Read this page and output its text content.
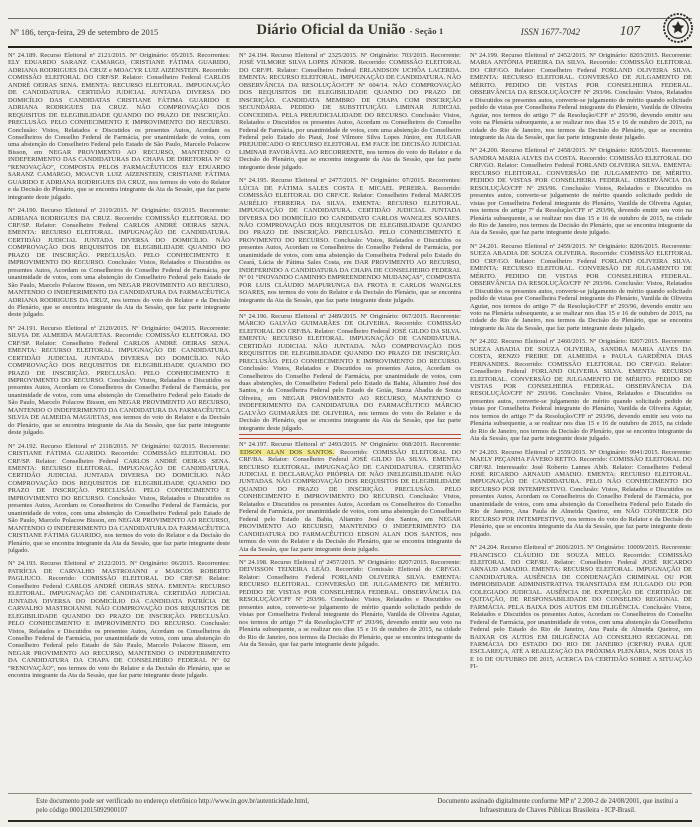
Nº 186, terça-feira, 29 de setembro de 2015	Diário Oficial da União - Seção 1	ISSN 1677-7042	107

Nº 24.189. Recurso Eleitoral nº 2121/2015. Nº Originário: 05/2015. Recorrentes: ELY EDUARDO SARANZ CAMARGO, CRISTIANE FÁTIMA GUARIDO, ADRIANA RODRIGUES DA CRUZ e MOACYR LUIZ AIZENSTEIN. Recorrido: COMISSÃO ELEITORAL DO CRF/SP. Relator: Conselheiro Federal CARLOS ANDRÉ OEIRAS SENA. EMENTA: RECURSO ELEITORAL. IMPUGNAÇÃO DE CANDIDATURA. CERTIDÃO JUDICIAL JUNTADA DIVERSA DO DOMICÍLIO DAS CANDIDATAS CRISTIANE FÁTIMA GUARIDO E ADRIANA RODRIGUES DA CRUZ. NÃO COMPROVAÇÃO DOS REQUISITOS DE ELEGIBILIDADE QUANDO DO PRAZO DE INSCRIÇÃO. PRECLUSÃO. PELO CONHECIMENTO E IMPROVIMENTO DO RECURSO. Conclusão: Vistos, Relatados e Discutidos os presentes Autos, Acordam os Conselheiros do Conselho Federal de Farmácia, por unanimidade de votos, com uma abstenção do Conselheiro Federal pelo Estado de São Paulo, Marcelo Polacow Bisson, em NEGAR PROVIMENTO AO RECURSO, MANTENDO O INDEFERIMENTO DAS CANDIDATURAS DA CHAPA DE DIRETORIA Nº 02 “RENOVAÇÃO”, COMPOSTA PELOS FARMACÊUTICOS ELY EDUARDO SARANZ CAMARGO, MOACYR LUIZ AIZENSTEIN, CRISTIANE FÁTIMA GUARIDO E ADRIANA RODRIGUES DA CRUZ, nos termos do voto do Relator e da Decisão do Plenário, que se encontra integrante da Ata da Sessão, que faz parte integrante deste julgado.

Nº 24.190. Recurso Eleitoral nº 2119/2015. Nº Originário: 03/2015. Recorrente: ADRIANA RODRIGUES DA CRUZ. Recorrido: COMISSÃO ELEITORAL DO CRF/SP. Relator: Conselheiro Federal CARLOS ANDRÉ OEIRAS SENA. EMENTA: RECURSO ELEITORAL. IMPUGNAÇÃO DE CANDIDATURA. CERTIDÃO JUDICIAL JUNTADA DIVERSA DO DOMICÍLIO. NÃO COMPROVAÇÃO DOS REQUISITOS DE ELEGIBILIDADE QUANDO DO PRAZO DE INSCRIÇÃO. PRECLUSÃO. PELO CONHECIMENTO E IMPROVIMENTO DO RECURSO. Conclusão: Vistos, Relatados e Discutidos os presentes Autos, Acordam os Conselheiros do Conselho Federal de Farmácia, por unanimidade de votos, com uma abstenção do Conselheiro Federal pelo Estado de São Paulo, Marcelo Polacow Bisson, em NEGAR PROVIMENTO AO RECURSO, MANTENDO O INDEFERIMENTO DA CANDIDATURA DA FARMACÊUTICA ADRIANA RODRIGUES DA CRUZ, nos termos do voto do Relator e da Decisão do Plenário, que se encontra integrante da Ata da Sessão, que faz parte integrante deste julgado.

Nº 24.191. Recurso Eleitoral nº 2120/2015. Nº Originário: 04/2015. Recorrente: SILVIA DE ALMEIDA MAGUETAS. Recorrido: COMISSÃO ELEITORAL DO CRF/SP. Relator: Conselheiro Federal CARLOS ANDRÉ OEIRAS SENA. EMENTA: RECURSO ELEITORAL. IMPUGNAÇÃO DE CANDIDATURA. CERTIDÃO JUDICIAL JUNTADA DIVERSA DO DOMICÍLIO. NÃO COMPROVAÇÃO DOS REQUISITOS DE ELEGIBILIDADE QUANDO DO PRAZO DE INSCRIÇÃO. PRECLUSÃO. PELO CONHECIMENTO E IMPROVIMENTO DO RECURSO. Conclusão: Vistos, Relatados e Discutidos os presentes Autos, Acordam os Conselheiros do Conselho Federal de Farmácia, por unanimidade de votos, com uma abstenção do Conselheiro Federal pelo Estado de São Paulo, Marcelo Polacow Bisson, em NEGAR PROVIMENTO AO RECURSO, MANTENDO O INDEFERIMENTO DA CANDIDATURA DA FARMACÊUTICA SILVIA DE ALMEIDA MAGUETAS, nos termos do voto do Relator e da Decisão do Plenário, que se encontra integrante da Ata da Sessão, que faz parte integrante deste julgado.

Nº 24.192. Recurso Eleitoral nº 2118/2015. Nº Originário: 02/2015. Recorrente: CRISTIANE FÁTIMA GUARIDO. Recorrido: COMISSÃO ELEITORAL DO CRF/SP. Relator: Conselheiro Federal CARLOS ANDRÉ OEIRAS SENA. EMENTA: RECURSO ELEITORAL. IMPUGNAÇÃO DE CANDIDATURA. CERTIDÃO JUDICIAL JUNTADA DIVERSA DO DOMICÍLIO. NÃO COMPROVAÇÃO DOS REQUISITOS DE ELEGIBILIDADE QUANDO DO PRAZO DE INSCRIÇÃO. PRECLUSÃO. PELO CONHECIMENTO E IMPROVIMENTO DO RECURSO. Conclusão: Vistos, Relatados e Discutidos os presentes Autos, Acordam os Conselheiros do Conselho Federal de Farmácia, por unanimidade de votos, com uma abstenção do Conselheiro Federal pelo Estado de São Paulo, Marcelo Polacow Bisson, em NEGAR PROVIMENTO AO RECURSO, MANTENDO O INDEFERIMENTO DA CANDIDATURA DA FARMACÊUTICA CRISTIANE FÁTIMA GUARIDO, nos termos do voto do Relator e da Decisão do Plenário, que se encontra integrante da Ata da Sessão, que faz parte integrante deste julgado.

Nº 24.193. Recurso Eleitoral nº 2122/2015. Nº Originário: 06/2015. Recorrentes: PATRÍCIA DE CARVALHO MASTROIANNI e MARCOS ROBERTO PAGLIUCO. Recorrido: COMISSÃO ELEITORAL DO CRF/SP. Relator: Conselheiro Federal CARLOS ANDRÉ OEIRAS SENA. EMENTA: RECURSO ELEITORAL. IMPUGNAÇÃO DE CANDIDATURA. CERTIDÃO JUDICIAL JUNTADA DIVERSA DO DOMICÍLIO DA CANDIDATA PATRÍCIA DE CARVALHO MASTROIANNI. NÃO COMPROVAÇÃO DOS REQUISITOS DE ELEGIBILIDADE QUANDO DO PRAZO DE INSCRIÇÃO. PRECLUSÃO. PELO CONHECIMENTO E IMPROVIMENTO DO RECURSO. Conclusão: Vistos, Relatados e Discutidos os presentes Autos, Acordam os Conselheiros do Conselho Federal de Farmácia, por unanimidade de votos, com uma abstenção do Conselheiro Federal pelo Estado de São Paulo, Marcelo Polacow Bisson, em NEGAR PROVIMENTO AO RECURSO, MANTENDO O INDEFERIMENTO DA CANDIDATURA DA CHAPA DE CONSELHEIRO FEDERAL Nº 02 “RENOVAÇÃO”, nos termos do voto do Relator e da Decisão do Plenário, que se encontra integrante da Ata da Sessão, que faz parte integrante deste julgado.

Nº 24.194. Recurso Eleitoral nº 2325/2015. Nº Originário: 703/2015. Recorrente: JOSÉ VILMORE SILVA LOPES JÚNIOR. Recorrido: COMISSÃO ELEITORAL DO CRF/PI. Relator: Conselheiro Federal ERLANDSON UCHÔA LACERDA. EMENTA: RECURSO ELEITORAL. IMPUGNAÇÃO DE CANDIDATURA. NÃO OBSERVÂNCIA DA RESOLUÇÃO/CFF Nº 604/14. NÃO COMPROVAÇÃO DOS REQUISITOS DE ELEGIBILIDADE QUANDO DO PRAZO DE INSCRIÇÃO. CANDIDATA MEMBRO DE CHAPA COM INSCRIÇÃO SECUNDÁRIA. PEDIDO DE SUBSTITUIÇÃO. LIMINAR JUDICIAL CONCEDIDA. PELA PREJUDICIALIDADE DO RECURSO. Conclusão: Vistos, Relatados e Discutidos os presentes Autos, Acordam os Conselheiros do Conselho Federal de Farmácia, por unanimidade de votos, com uma abstenção do Conselheiro Federal pelo Estado do Piauí, José Vilmore Silva Lopes Júnior, em JULGAR PREJUDICADO O RECURSO ELEITORAL EM FACE DE DECISÃO JUDICIAL LIMINAR FAVORÁVEL AO RECORRENTE, nos termos do voto do Relator e da Decisão do Plenário, que se encontra integrante da Ata da Sessão, que faz parte integrante deste julgado.

Nº 24.195. Recurso Eleitoral nº 2477/2015. Nº Originário: 07/2015. Recorrentes: LÚCIA DE FÁTIMA SALES COSTA E MICAEL PEREIRA. Recorrido: COMISSÃO ELEITORAL DO CRF/CE. Relator: Conselheiro Federal MARCOS AURÉLIO FERREIRA DA SILVA. EMENTA: RECURSO ELEITORAL. IMPUGNAÇÃO DE CANDIDATURA. CERTIDÃO JUDICIAL JUNTADA DIVERSA DO DOMICÍLIO DO CANDIDATO CARLOS WANGLES SOARES. NÃO COMPROVAÇÃO DOS REQUISITOS DE ELEGIBILIDADE QUANDO DO PRAZO DE INSCRIÇÃO. PRECLUSÃO. PELO CONHECIMENTO E PROVIMENTO DO RECURSO. Conclusão: Vistos, Relatados e Discutidos os presentes Autos, Acordam os Conselheiros do Conselho Federal de Farmácia, por unanimidade de votos, com uma abstenção da Conselheira Federal pelo Estado do Ceará, Lúcia de Fátima Sales Costa, em DAR PROVIMENTO AO RECURSO, INDEFERINDO A CANDIDATURA DA CHAPA DE CONSELHEIRO FEDERAL Nº 01 “INOVANDO CAMINHO EMPREENDENDO MUDANÇAS”, COMPOSTA POR LUIS CLÁUDIO MAPURUNGA DA FROTA E CARLOS WANGLES SOARES, nos termos do voto do Relator e da Decisão do Plenário, que se encontra integrante da Ata da Sessão, que faz parte integrante deste julgado.

Nº 24.196. Recurso Eleitoral nº 2489/2015. Nº Originário: 067/2015. Recorrente: MÁRCIO GALVÃO GUIMARÃES DE OLIVEIRA. Recorrido: COMISSÃO ELEITORAL DO CRF/BA. Relator: Conselheiro Federal JOSÉ GILDO DA SILVA. EMENTA: RECURSO ELEITORAL. IMPUGNAÇÃO DE CANDIDATURA. CERTIDÃO JUDICIAL NÃO JUNTADA. NÃO COMPROVAÇÃO DOS REQUISITOS DE ELEGIBILIDADE QUANDO DO PRAZO DE INSCRIÇÃO. PRECLUSÃO. PELO CONHECIMENTO E IMPROVIMENTO DO RECURSO. Conclusão: Vistos, Relatados e Discutidos os presentes Autos, Acordam os Conselheiros do Conselho Federal de Farmácia, por unanimidade de votos, com duas abstenções, do Conselheiro Federal pelo Estado da Bahia, Altamiro José dos Santos, e da Conselheira Federal pelo Estado de Goiás, Sueza Abadia de Souza Oliveira, em NEGAR PROVIMENTO AO RECURSO, MANTENDO O INDEFERIMENTO DA CANDIDATURA DO FARMACÊUTICO MÁRCIO GALVÃO GUIMARÃES DE OLIVEIRA, nos termos do voto do Relator e da Decisão do Plenário, que se encontra integrante da Ata da Sessão, que faz parte integrante deste julgado.

Nº 24.197. Recurso Eleitoral nº 2493/2015. Nº Originário: 068/2015. Recorrente: EDSON ALAN DOS SANTOS. Recorrido: COMISSÃO ELEITORAL DO CRF/BA. Relator: Conselheiro Federal JOSÉ GILDO DA SILVA. EMENTA: RECURSO ELEITORAL. IMPUGNAÇÃO DE CANDIDATURA. CERTIDÃO JUDICIAL E DECLARAÇÃO PRÓPRIA DE NÃO INELEGIBILIDADE NÃO JUNTADAS. NÃO COMPROVAÇÃO DOS REQUISITOS DE ELEGIBILIDADE QUANDO DO PRAZO DE INSCRIÇÃO. PRECLUSÃO. PELO CONHECIMENTO E IMPROVIMENTO DO RECURSO. Conclusão: Vistos, Relatados e Discutidos os presentes Autos, Acordam os Conselheiros do Conselho Federal de Farmácia, por unanimidade de votos, com uma abstenção do Conselheiro Federal pelo Estado da Bahia, Altamiro José dos Santos, em NEGAR PROVIMENTO AO RECURSO, MANTENDO O INDEFERIMENTO DA CANDIDATURA DO FARMACÊUTICO EDSON ALAN DOS SANTOS, nos termos do voto do Relator e da Decisão do Plenário, que se encontra integrante da Ata da Sessão, que faz parte integrante deste julgado.

Nº 24.198. Recurso Eleitoral nº 2457/2015. Nº Originário: 8207/2015. Recorrente: DEIVISSON TEIXEIRA LEÃO. Recorrido: Comissão Eleitoral do CRF/GO. Relator: Conselheiro Federal FORLAND OLIVEIRA SILVA. EMENTA: RECURSO ELEITORAL. CONVERSÃO DE JULGAMENTO DE MÉRITO. PEDIDO DE VISTAS POR CONSELHEIRA FEDERAL. OBSERVÂNCIA DA RESOLUÇÃO/CFF Nº 293/96. Conclusão: Vistos, Relatados e Discutidos os presentes autos, converte-se julgamento de mérito quando solicitado pedido de vistas por Conselheira Federal integrante do Plenário, Vanilda de Oliveira Aguiar, nos termos do artigo 7º da Resolução/CFF nº 293/96, devendo emitir seu voto na Plenária subsequente, a se realizar nos dias 15 e 16 de outubro de 2015, na cidade do Rio de Janeiro, nos termos da Decisão do Plenário, que se encontra integrante da Ata da Sessão, que faz parte integrante deste julgado.

Nº 24.199. Recurso Eleitoral nº 2452/2015. Nº Originário: 8203/2015. Recorrente: MARIA ANTÔNIA PEREIRA DA SILVA. Recorrido: COMISSÃO ELEITORAL DO CRF/GO. Relator: Conselheiro Federal FORLAND OLIVEIRA SILVA. EMENTA: RECURSO ELEITORAL. CONVERSÃO DE JULGAMENTO DE MÉRITO. PEDIDO DE VISTAS POR CONSELHEIRA FEDERAL. OBSERVÂNCIA DA RESOLUÇÃO/CFF Nº 293/96. Conclusão: Vistos, Relatados e Discutidos os presentes autos, converte-se julgamento de mérito quando solicitado pedido de vistas por Conselheira Federal integrante do Plenário, Vanilda de Oliveira Aguiar, nos termos do artigo 7º da Resolução/CFF nº 293/96, devendo emitir seu voto na Plenária subsequente, a se realizar nos dias 15 e 16 de outubro de 2015, na cidade do Rio de Janeiro, nos termos da Decisão do Plenário, que se encontra integrante da Ata da Sessão, que faz parte integrante deste julgado.

Nº 24.200. Recurso Eleitoral nº 2458/2015. Nº Originário: 8205/2015. Recorrente: SANDRA MARIA ALVES DA COSTA. Recorrido: COMISSÃO ELEITORAL DO CRF/GO. Relator: Conselheiro Federal FORLAND OLIVEIRA SILVA. EMENTA: RECURSO ELEITORAL. CONVERSÃO DE JULGAMENTO DE MÉRITO. PEDIDO DE VISTAS POR CONSELHEIRA FEDERAL. OBSERVÂNCIA DA RESOLUÇÃO/CFF Nº 293/96. Conclusão: Vistos, Relatados e Discutidos os presentes autos, converte-se julgamento de mérito quando solicitado pedido de vistas por Conselheira Federal integrante do Plenário, Vanilda de Oliveira Aguiar, nos termos do artigo 7º da Resolução/CFF nº 293/96, devendo emitir seu voto na Plenária subsequente, a se realizar nos dias 15 e 16 de outubro de 2015, na cidade do Rio de Janeiro, nos termos da Decisão do Plenário, que se encontra integrante da Ata da Sessão, que faz parte integrante deste julgado.

Nº 24.201. Recurso Eleitoral nº 2459/2015. Nº Originário: 8206/2015. Recorrente: SUEZA ABADIA DE SOUZA OLIVEIRA. Recorrido: COMISSÃO ELEITORAL DO CRF/GO. Relator: Conselheiro Federal FORLAND OLIVEIRA SILVA. EMENTA: RECURSO ELEITORAL. CONVERSÃO DE JULGAMENTO DE MÉRITO. PEDIDO DE VISTAS POR CONSELHEIRA FEDERAL. OBSERVÂNCIA DA RESOLUÇÃO/CFF Nº 293/96. Conclusão: Vistos, Relatados e Discutidos os presentes autos, converte-se julgamento de mérito quando solicitado pedido de vistas por Conselheira Federal integrante do Plenário, Vanilda de Oliveira Aguiar, nos termos do artigo 7º da Resolução/CFF nº 293/96, devendo emitir seu voto na Plenária subsequente, a se realizar nos dias 15 e 16 de outubro de 2015, na cidade do Rio de Janeiro, nos termos da Decisão do Plenário, que se encontra integrante da Ata da Sessão, que faz parte integrante deste julgado.

Nº 24.202. Recurso Eleitoral nº 2460/2015. Nº Originário: 8207/2015. Recorrente: SUEZA ABADIA DE SOUZA OLIVEIRA, SANDRA MARIA ALVES DA COSTA, RENZO FREIRE DE ALMEIDA e PAULA GARDÊNIA DIAS FERNANDES. Recorrido: COMISSÃO ELEITORAL DO CRF/GO. Relator: Conselheiro Federal FORLAND OLIVEIRA SILVA. EMENTA: RECURSO ELEITORAL. CONVERSÃO DE JULGAMENTO DE MÉRITO. PEDIDO DE VISTAS POR CONSELHEIRA FEDERAL. OBSERVÂNCIA DA RESOLUÇÃO/CFF Nº 293/96. Conclusão: Vistos, Relatados e Discutidos os presentes autos, converte-se julgamento de mérito quando solicitado pedido de vistas por Conselheira Federal integrante do Plenário, Vanilda de Oliveira Aguiar, nos termos do artigo 7º da Resolução/CFF nº 293/96, devendo emitir seu voto na Plenária subsequente, a se realizar nos dias 15 e 16 de outubro de 2015, na cidade do Rio de Janeiro, nos termos da Decisão do Plenário, que se encontra integrante da Ata da Sessão, que faz parte integrante deste julgado.

Nº 24.203. Recurso Eleitoral nº 2559/2015. Nº Originário: 9941/2015. Recorrente: MAELY PEÇANHA FÁVERO RETTO. Recorrido: COMISSÃO ELEITORAL DO CRF/RJ. Interessado: José Roberto Lannes Abib. Relator: Conselheiro Federal JOSÉ RICARDO ARNAUD AMADIO. EMENTA: RECURSO ELEITORAL. IMPUGNAÇÃO DE CANDIDATURA. PELO NÃO CONHECIMENTO DO RECURSO POR INTEMPESTIVO. Conclusão: Vistos, Relatados e Discutidos os presentes Autos, Acordam os Conselheiros do Conselho Federal de Farmácia, por unanimidade de votos, com uma abstenção da Conselheira Federal pelo Estado do Rio de Janeiro, Ana Paula de Almeida Queiroz, em NÃO CONHECER DO RECURSO POR INTEMPESTIVO, nos termos do voto do Relator e da Decisão do Plenário, que se encontra integrante da Ata da Sessão, que faz parte integrante deste julgado.

Nº 24.204. Recurso Eleitoral nº 2606/2015. Nº Originário: 10009/2015. Recorrente: FRANCISCO CLÁUDIO DE SOUZA MELO. Recorrido: COMISSÃO ELEITORAL DO CRF/RJ. Relator: Conselheiro Federal JOSÉ RICARDO ARNAUD AMADIO. EMENTA: RECURSO ELEITORAL. IMPUGNAÇÃO DE CANDIDATURA. AUSÊNCIA DE CONDENAÇÃO CRIMINAL OU POR IMPROBIDADE ADMINISTRATIVA TRANSITADA EM JULGADO OU POR COLEGIADO JUDICIAL. AUSÊNCIA DE EXPEDIÇÃO DE CERTIDÃO DE QUITAÇÃO, DE RESPONSABILIDADE DO CONSELHO REGIONAL DE FARMÁCIA. PELA BAIXA DOS AUTOS EM DILIGÊNCIA. Conclusão: Vistos, Relatados e Discutidos os presentes Autos, Acordam os Conselheiros do Conselho Federal de Farmácia, por unanimidade de votos, com uma abstenção da Conselheira Federal pelo Estado do Rio de Janeiro, Ana Paula de Almeida Queiroz, em BAIXAR OS AUTOS EM DILIGÊNCIA AO CONSELHO REGIONAL DE FARMÁCIA DO ESTADO DO RIO DE JANEIRO (CRF/RJ) PARA QUE ESCLAREÇA, ATÉ A REALIZAÇÃO DA PRÓXIMA PLENÁRIA, NOS DIAS 15 E 16 DE OUTUBRO DE 2015, ACERCA DA CERTIDÃO SOBRE A SITUAÇÃO FI-

Este documento pode ser verificado no endereço eletrônico http://www.in.gov.br/autenticidade.html,
pelo código 00012015092900107
Documento assinado digitalmente conforme MP nº 2.200-2 de 24/08/2001, que institui a
Infraestrutura de Chaves Públicas Brasileira - ICP-Brasil.
